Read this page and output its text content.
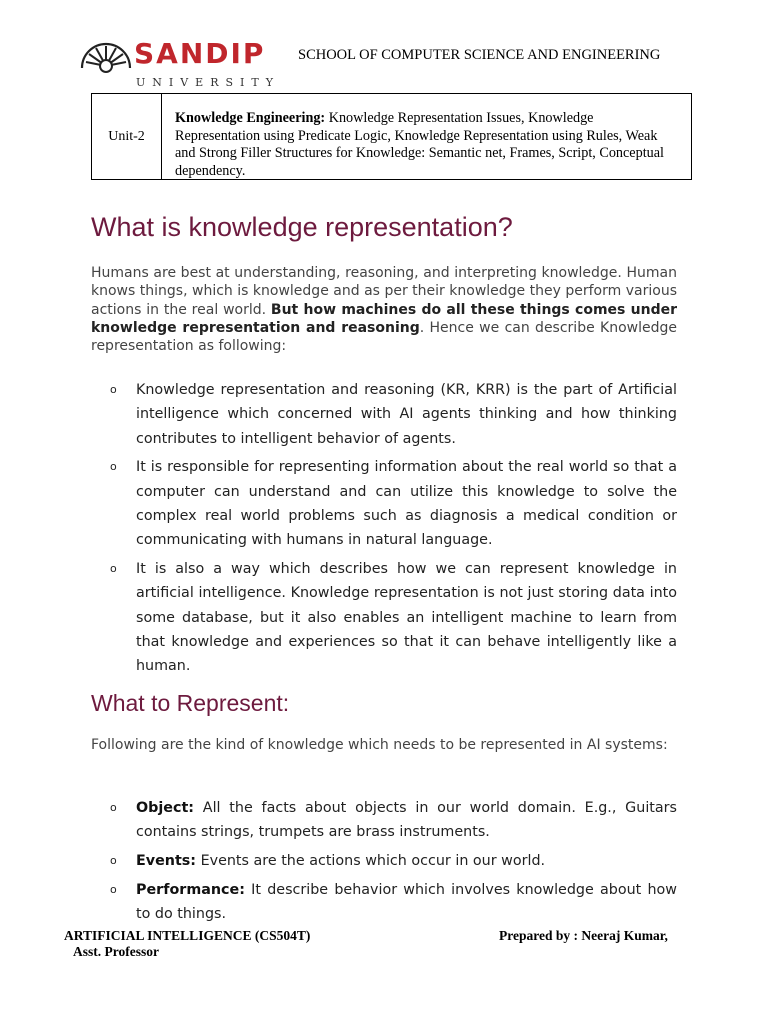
SANDIP
UNIVERSITY
SCHOOL OF COMPUTER SCIENCE AND ENGINEERING
Unit-2
Knowledge Engineering: Knowledge Representation Issues, Knowledge Representation using Predicate Logic, Knowledge Representation using Rules, Weak and Strong Filler Structures for Knowledge: Semantic net, Frames, Script, Conceptual dependency.
What is knowledge representation?
Humans are best at understanding, reasoning, and interpreting knowledge. Human knows things, which is knowledge and as per their knowledge they perform various actions in the real world. But how machines do all these things comes under knowledge representation and reasoning. Hence we can describe Knowledge representation as following:
o	Knowledge representation and reasoning (KR, KRR) is the part of Artificial intelligence which concerned with AI agents thinking and how thinking contributes to intelligent behavior of agents.
o	It is responsible for representing information about the real world so that a computer can understand and can utilize this knowledge to solve the complex real world problems such as diagnosis a medical condition or communicating with humans in natural language.
o	It is also a way which describes how we can represent knowledge in artificial intelligence. Knowledge representation is not just storing data into some database, but it also enables an intelligent machine to learn from that knowledge and experiences so that it can behave intelligently like a human.
What to Represent:
Following are the kind of knowledge which needs to be represented in AI systems:
o	Object: All the facts about objects in our world domain. E.g., Guitars contains strings, trumpets are brass instruments.
o	Events: Events are the actions which occur in our world.
o	Performance: It describe behavior which involves knowledge about how to do things.
ARTIFICIAL INTELLIGENCE (CS504T)
Asst. Professor
Prepared by : Neeraj Kumar,
